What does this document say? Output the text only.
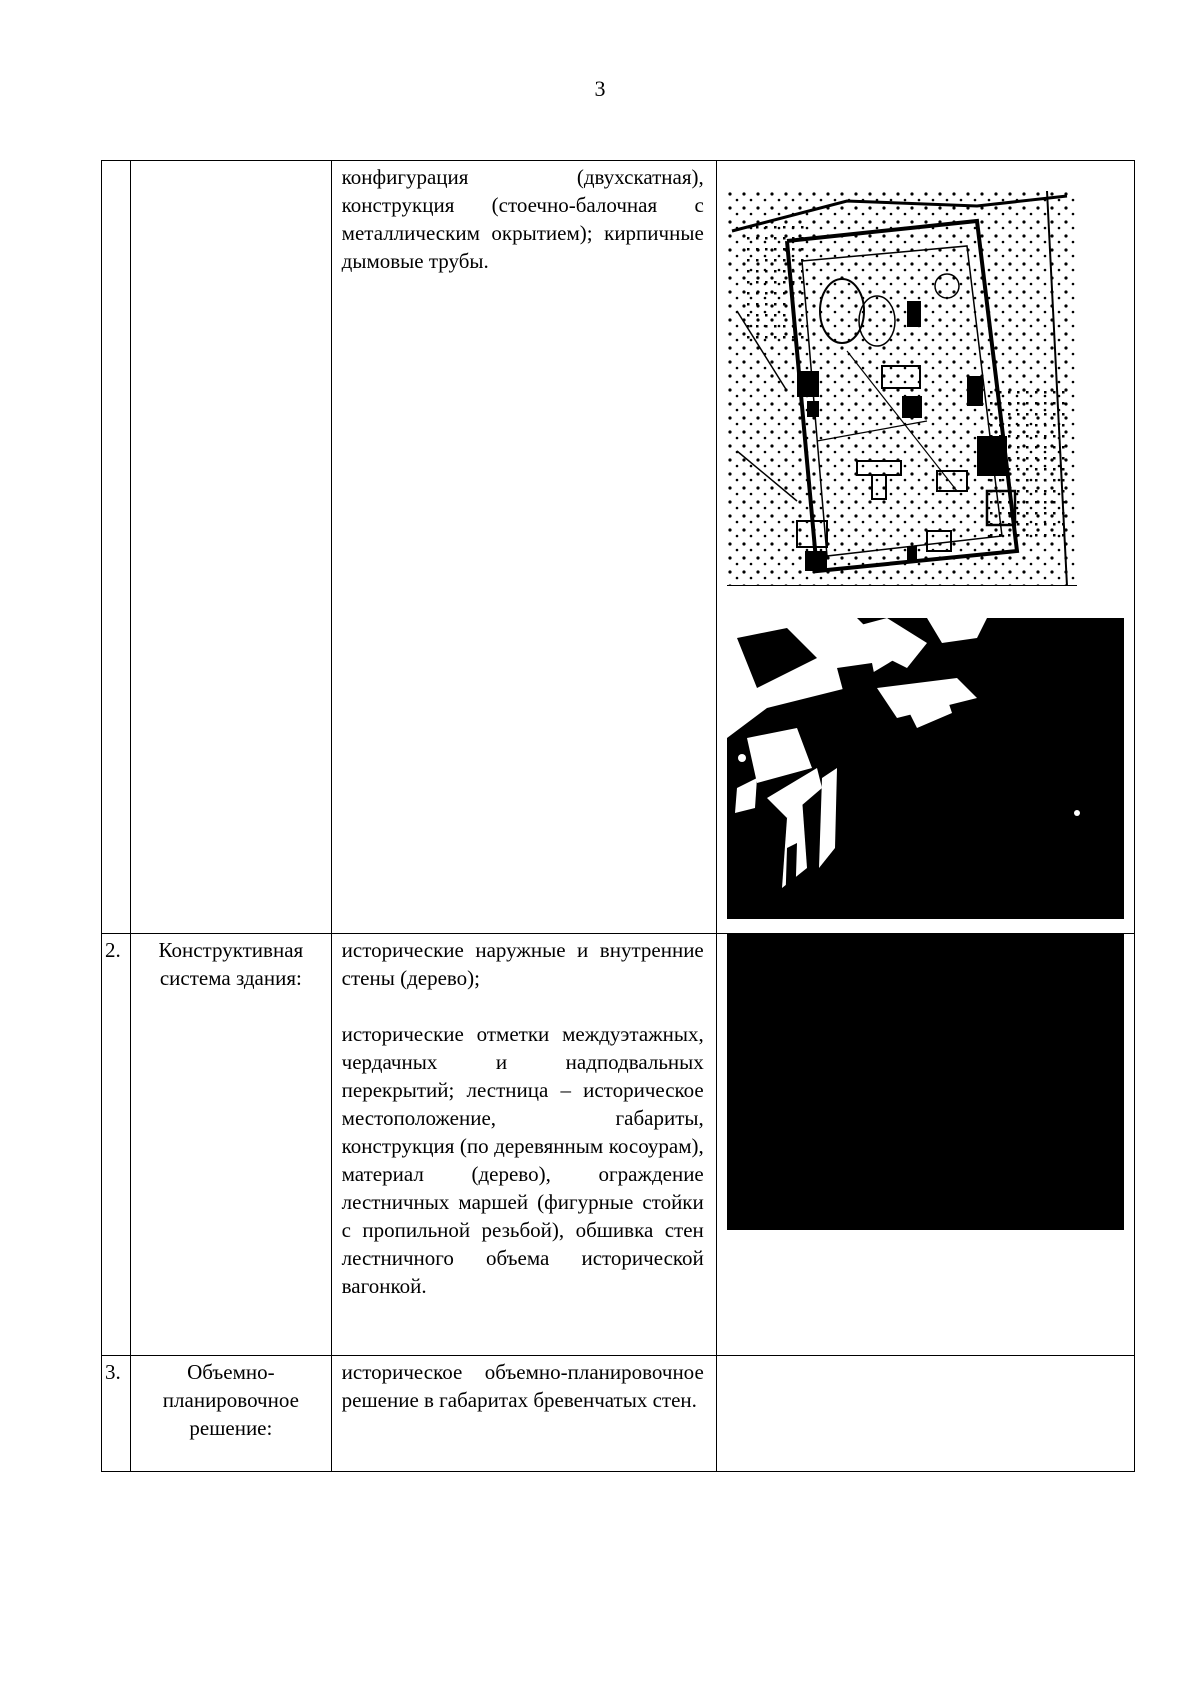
3

		конфигурация (двухскатная), конструкция (стоечно-балочная с металлическим окрытием); кирпичные дымовые трубы.

2.	Конструктивная система здания:	исторические наружные и внутренние стены (дерево);

исторические отметки междуэтажных, чердачных и надподвальных перекрытий; лестница – историческое местоположение, габариты, конструкция (по деревянным косоурам), материал (дерево), ограждение лестничных маршей (фигурные стойки с пропильной резьбой), обшивка стен лестничного объема исторической вагонкой.	

3.	Объемно-планировочное решение:	историческое объемно-планировочное решение в габаритах бревенчатых стен.	
